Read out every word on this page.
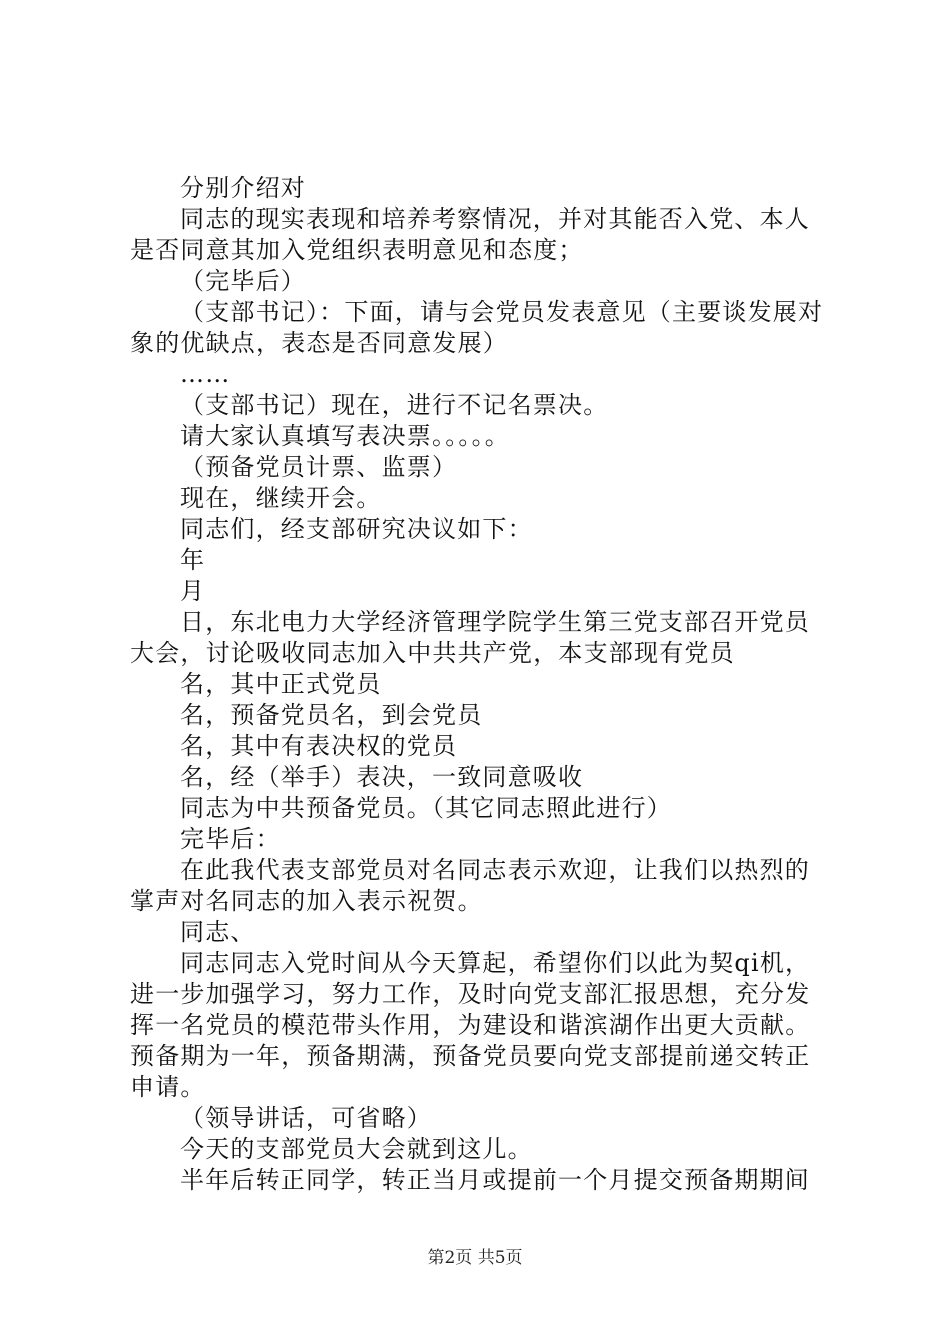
分别介绍对

同志的现实表现和培养考察情况，并对其能否入党、本人是否同意其加入党组织表明意见和态度；

（完毕后）

（支部书记）：下面，请与会党员发表意见（主要谈发展对象的优缺点，表态是否同意发展）

……

（支部书记）现在，进行不记名票决。

请大家认真填写表决票。。。。。

（预备党员计票、监票）

现在，继续开会。

同志们，经支部研究决议如下：

年

月

日，东北电力大学经济管理学院学生第三党支部召开党员大会，讨论吸收同志加入中共共产党，本支部现有党员

名，其中正式党员

名，预备党员名，到会党员

名，其中有表决权的党员

名，经（举手）表决，一致同意吸收

同志为中共预备党员。（其它同志照此进行）

完毕后：

在此我代表支部党员对名同志表示欢迎，让我们以热烈的掌声对名同志的加入表示祝贺。

同志、

同志同志入党时间从今天算起，希望你们以此为契qi机，进一步加强学习，努力工作，及时向党支部汇报思想，充分发挥一名党员的模范带头作用，为建设和谐滨湖作出更大贡献。预备期为一年，预备期满，预备党员要向党支部提前递交转正申请。

（领导讲话，可省略）

今天的支部党员大会就到这儿。

半年后转正同学，转正当月或提前一个月提交预备期期间

第2页 共5页
